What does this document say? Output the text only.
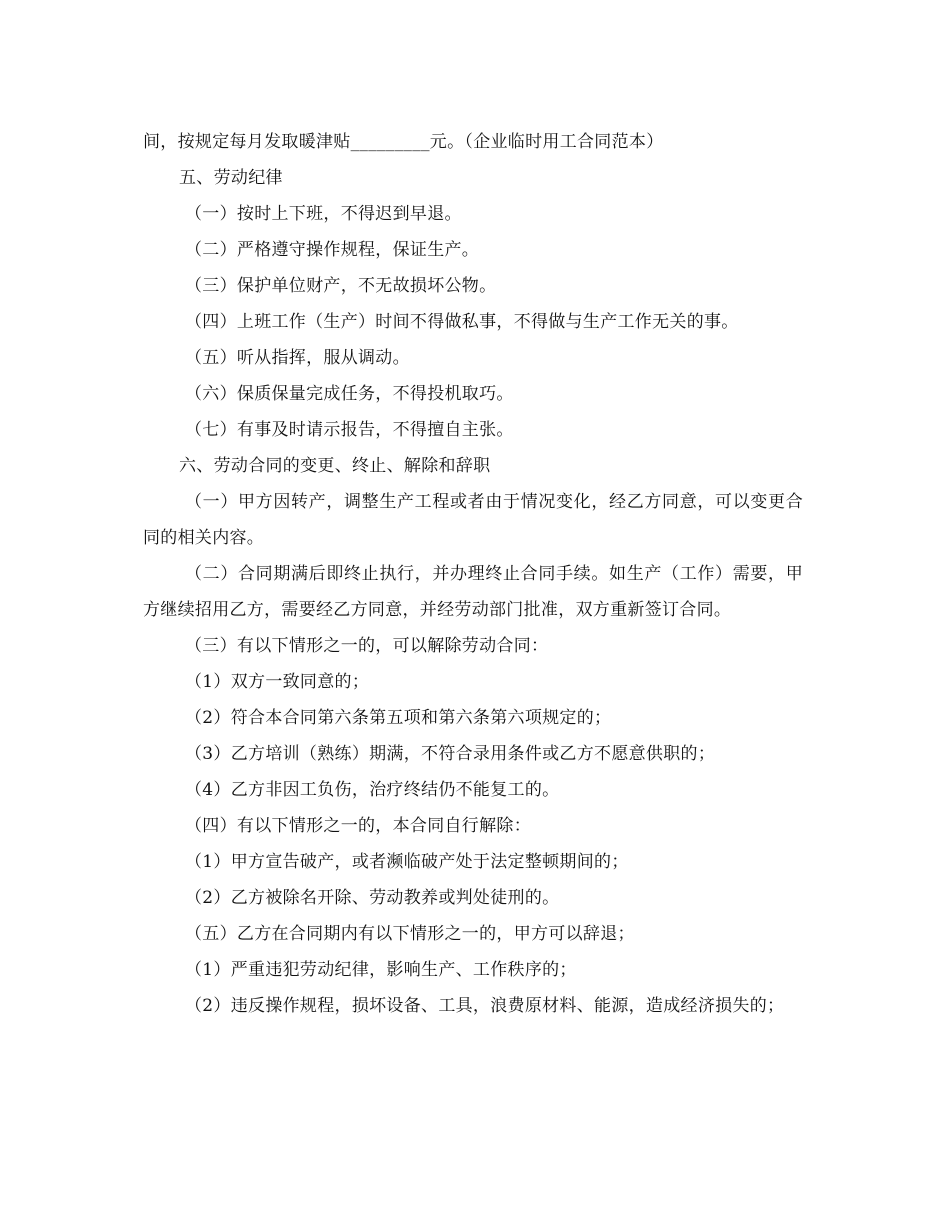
间，按规定每月发取暖津贴_________元。（企业临时用工合同范本）

五、劳动纪律

（一）按时上下班，不得迟到早退。

（二）严格遵守操作规程，保证生产。

（三）保护单位财产，不无故损坏公物。

（四）上班工作（生产）时间不得做私事，不得做与生产工作无关的事。

（五）听从指挥，服从调动。

（六）保质保量完成任务，不得投机取巧。

（七）有事及时请示报告，不得擅自主张。

六、劳动合同的变更、终止、解除和辞职

（一）甲方因转产，调整生产工程或者由于情况变化，经乙方同意，可以变更合同的相关内容。

（二）合同期满后即终止执行，并办理终止合同手续。如生产（工作）需要，甲方继续招用乙方，需要经乙方同意，并经劳动部门批准，双方重新签订合同。

（三）有以下情形之一的，可以解除劳动合同：

（1）双方一致同意的；

（2）符合本合同第六条第五项和第六条第六项规定的；

（3）乙方培训（熟练）期满，不符合录用条件或乙方不愿意供职的；

（4）乙方非因工负伤，治疗终结仍不能复工的。

（四）有以下情形之一的，本合同自行解除：

（1）甲方宣告破产，或者濒临破产处于法定整顿期间的；

（2）乙方被除名开除、劳动教养或判处徒刑的。

（五）乙方在合同期内有以下情形之一的，甲方可以辞退；

（1）严重违犯劳动纪律，影响生产、工作秩序的；

（2）违反操作规程，损坏设备、工具，浪费原材料、能源，造成经济损失的；
